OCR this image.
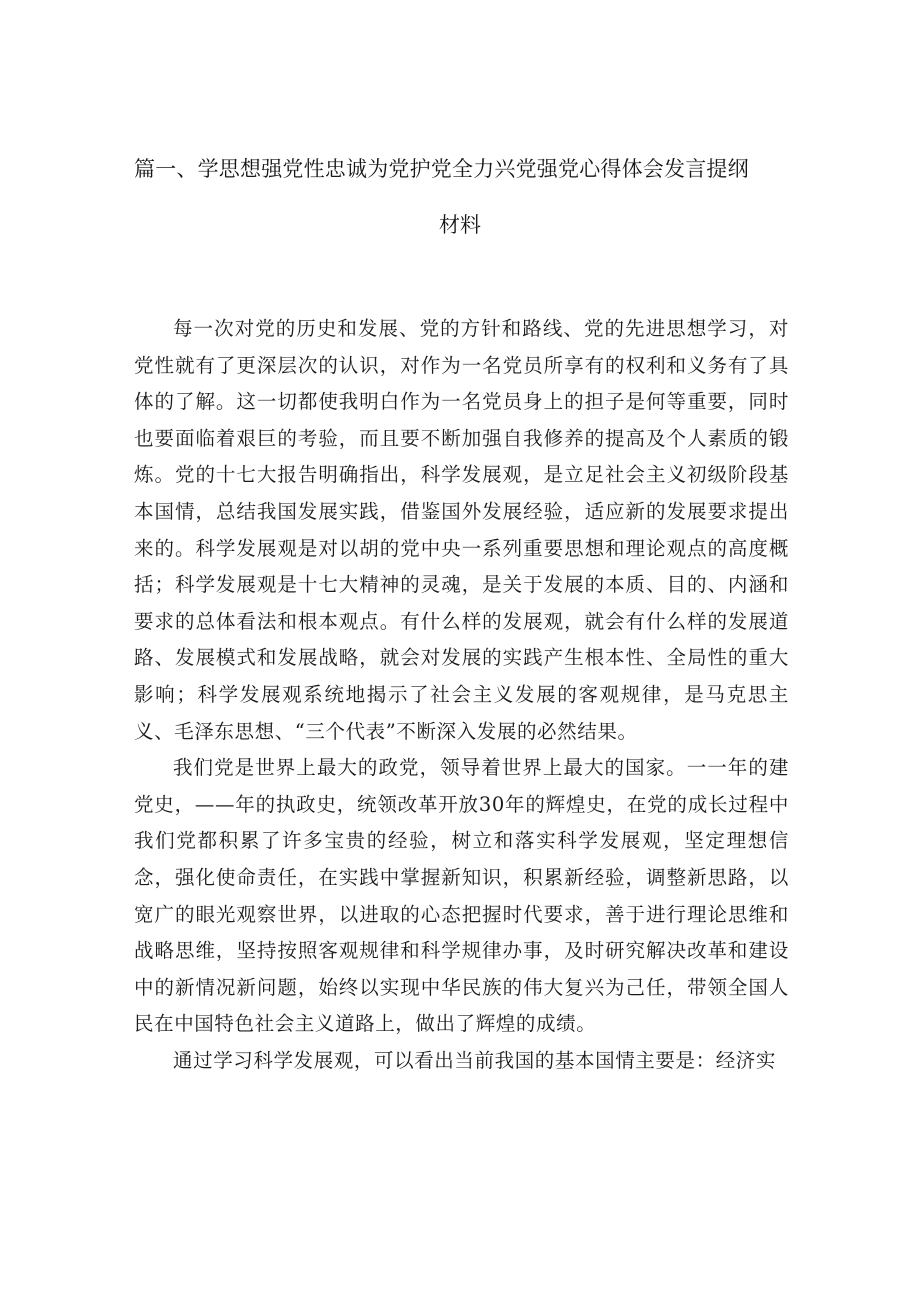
篇一、学思想强党性忠诚为党护党全力兴党强党心得体会发言提纲
材料

每一次对党的历史和发展、党的方针和路线、党的先进思想学习，对党性就有了更深层次的认识，对作为一名党员所享有的权利和义务有了具体的了解。这一切都使我明白作为一名党员身上的担子是何等重要，同时也要面临着艰巨的考验，而且要不断加强自我修养的提高及个人素质的锻炼。党的十七大报告明确指出，科学发展观，是立足社会主义初级阶段基本国情，总结我国发展实践，借鉴国外发展经验，适应新的发展要求提出来的。科学发展观是对以胡的党中央一系列重要思想和理论观点的高度概括；科学发展观是十七大精神的灵魂，是关于发展的本质、目的、内涵和要求的总体看法和根本观点。有什么样的发展观，就会有什么样的发展道路、发展模式和发展战略，就会对发展的实践产生根本性、全局性的重大影响；科学发展观系统地揭示了社会主义发展的客观规律，是马克思主义、毛泽东思想、“三个代表”不断深入发展的必然结果。

我们党是世界上最大的政党，领导着世界上最大的国家。一一年的建党史，——年的执政史，统领改革开放30年的辉煌史，在党的成长过程中我们党都积累了许多宝贵的经验，树立和落实科学发展观，坚定理想信念，强化使命责任，在实践中掌握新知识，积累新经验，调整新思路，以宽广的眼光观察世界，以进取的心态把握时代要求，善于进行理论思维和战略思维，坚持按照客观规律和科学规律办事，及时研究解决改革和建设中的新情况新问题，始终以实现中华民族的伟大复兴为己任，带领全国人民在中国特色社会主义道路上，做出了辉煌的成绩。

通过学习科学发展观，可以看出当前我国的基本国情主要是：经济实
